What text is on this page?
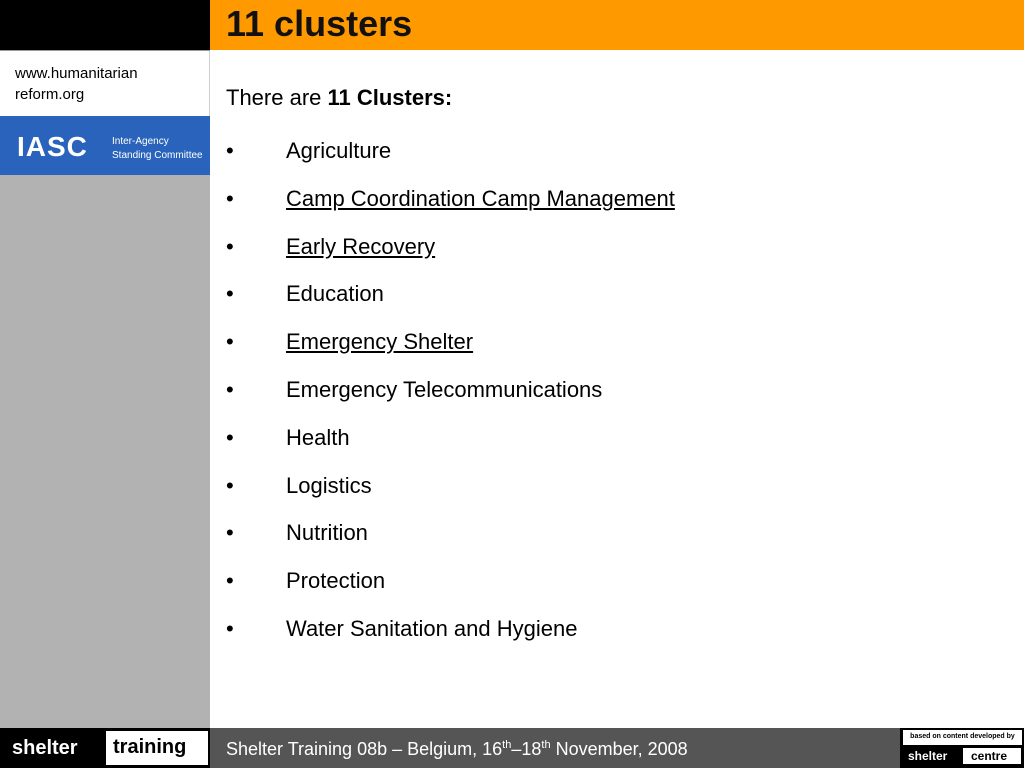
11 clusters
www.humanitarian
reform.org
IASC Inter-Agency
Standing Committee

There are 11 Clusters:

• Agriculture
• Camp Coordination Camp Management
• Early Recovery
• Education
• Emergency Shelter
• Emergency Telecommunications
• Health
• Logistics
• Nutrition
• Protection
• Water Sanitation and Hygiene
shelter training Shelter Training 08b – Belgium, 16th–18th November, 2008
based on content developed by
shelter centre
